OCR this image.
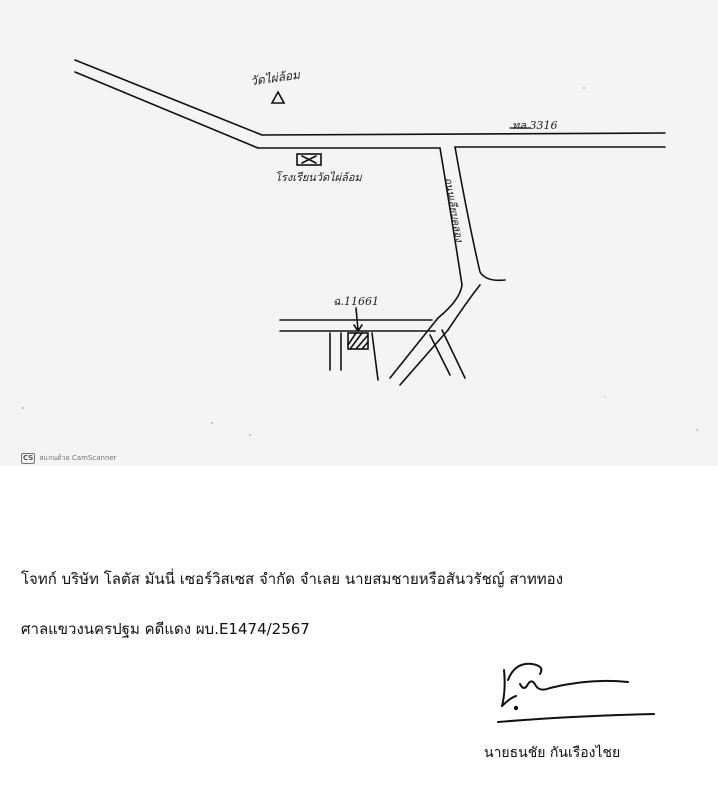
วัดไผ่ล้อม
โรงเรียนวัดไผ่ล้อม
ทล.3316
ถนนเลียบคลอง
ฉ.11661
CS สแกนด้วย CamScanner
โจทก์ บริษัท โลตัส มันนี่ เซอร์วิสเซส จำกัด จำเลย นายสมชายหรือสันวรัชญ์ สาททอง
ศาลแขวงนครปฐม คดีแดง ผบ.E1474/2567
นายธนชัย กันเรืองไชย
